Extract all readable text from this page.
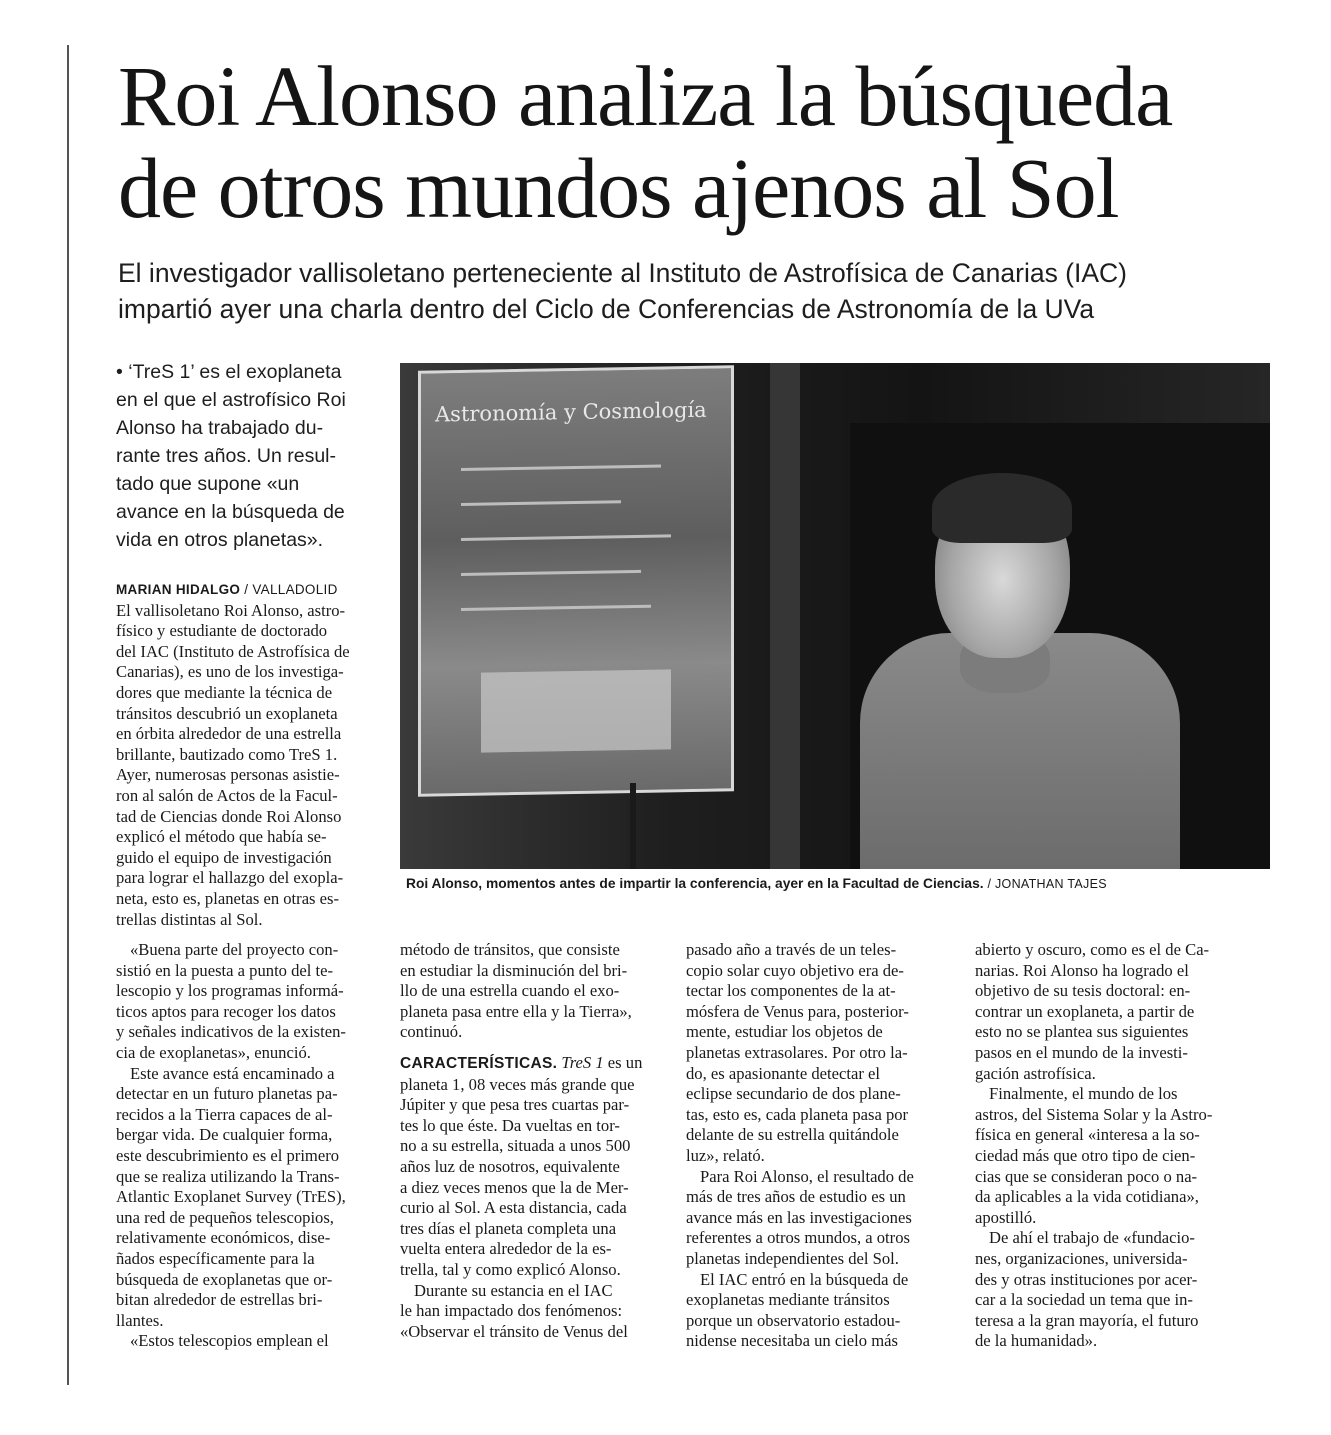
Roi Alonso analiza la búsqueda
de otros mundos ajenos al Sol

El investigador vallisoletano perteneciente al Instituto de Astrofísica de Canarias (IAC)
impartió ayer una charla dentro del Ciclo de Conferencias de Astronomía de la UVa

• ‘TreS 1’ es el exoplaneta
en el que el astrofísico Roi
Alonso ha trabajado du-
rante tres años. Un resul-
tado que supone «un
avance en la búsqueda de
vida en otros planetas».

MARIAN HIDALGO / VALLADOLID
El vallisoletano Roi Alonso, astro-
físico y estudiante de doctorado
del IAC (Instituto de Astrofísica de
Canarias), es uno de los investiga-
dores que mediante la técnica de
tránsitos descubrió un exoplaneta
en órbita alrededor de una estrella
brillante, bautizado como TreS 1.
Ayer, numerosas personas asistie-
ron al salón de Actos de la Facul-
tad de Ciencias donde Roi Alonso
explicó el método que había se-
guido el equipo de investigación
para lograr el hallazgo del exopla-
neta, esto es, planetas en otras es-
trellas distintas al Sol.
Astronomía y Cosmología
Roi Alonso, momentos antes de impartir la conferencia, ayer en la Facultad de Ciencias. / JONATHAN TAJES
«Buena parte del proyecto con-
sistió en la puesta a punto del te-
lescopio y los programas informá-
ticos aptos para recoger los datos
y señales indicativos de la existen-
cia de exoplanetas», enunció.
Este avance está encaminado a
detectar en un futuro planetas pa-
recidos a la Tierra capaces de al-
bergar vida. De cualquier forma,
este descubrimiento es el primero
que se realiza utilizando la Trans-
Atlantic Exoplanet Survey (TrES),
una red de pequeños telescopios,
relativamente económicos, dise-
ñados específicamente para la
búsqueda de exoplanetas que or-
bitan alrededor de estrellas bri-
llantes.
«Estos telescopios emplean el
método de tránsitos, que consiste
en estudiar la disminución del bri-
llo de una estrella cuando el exo-
planeta pasa entre ella y la Tierra»,
continuó.
CARACTERÍSTICAS. TreS 1 es un
planeta 1, 08 veces más grande que
Júpiter y que pesa tres cuartas par-
tes lo que éste. Da vueltas en tor-
no a su estrella, situada a unos 500
años luz de nosotros, equivalente
a diez veces menos que la de Mer-
curio al Sol. A esta distancia, cada
tres días el planeta completa una
vuelta entera alrededor de la es-
trella, tal y como explicó Alonso.
Durante su estancia en el IAC
le han impactado dos fenómenos:
«Observar el tránsito de Venus del
pasado año a través de un teles-
copio solar cuyo objetivo era de-
tectar los componentes de la at-
mósfera de Venus para, posterior-
mente, estudiar los objetos de
planetas extrasolares. Por otro la-
do, es apasionante detectar el
eclipse secundario de dos plane-
tas, esto es, cada planeta pasa por
delante de su estrella quitándole
luz», relató.
Para Roi Alonso, el resultado de
más de tres años de estudio es un
avance más en las investigaciones
referentes a otros mundos, a otros
planetas independientes del Sol.
El IAC entró en la búsqueda de
exoplanetas mediante tránsitos
porque un observatorio estadou-
nidense necesitaba un cielo más
abierto y oscuro, como es el de Ca-
narias. Roi Alonso ha logrado el
objetivo de su tesis doctoral: en-
contrar un exoplaneta, a partir de
esto no se plantea sus siguientes
pasos en el mundo de la investi-
gación astrofísica.
Finalmente, el mundo de los
astros, del Sistema Solar y la Astro-
física en general «interesa a la so-
ciedad más que otro tipo de cien-
cias que se consideran poco o na-
da aplicables a la vida cotidiana»,
apostilló.
De ahí el trabajo de «fundacio-
nes, organizaciones, universida-
des y otras instituciones por acer-
car a la sociedad un tema que in-
teresa a la gran mayoría, el futuro
de la humanidad».
